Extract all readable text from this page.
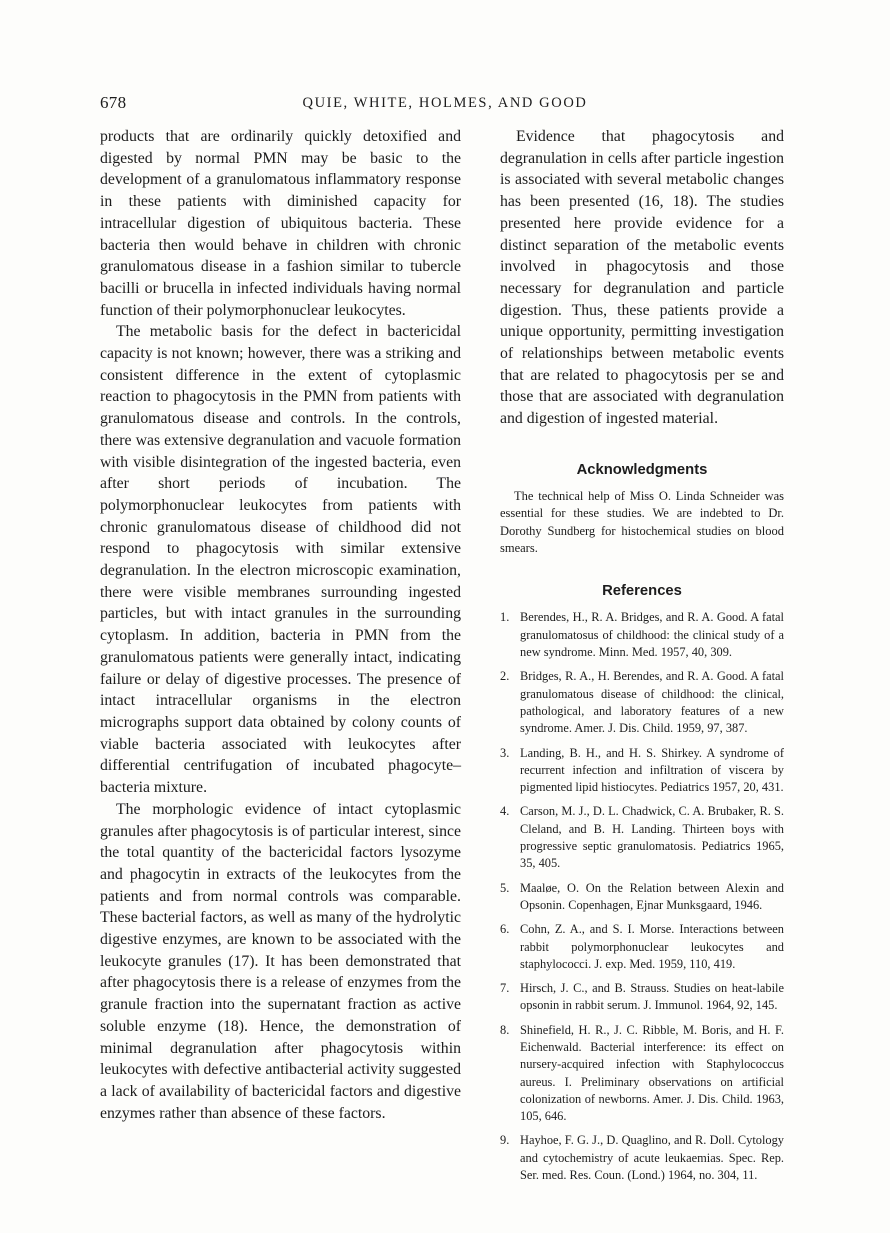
678	QUIE, WHITE, HOLMES, AND GOOD

products that are ordinarily quickly detoxified and digested by normal PMN may be basic to the development of a granulomatous inflammatory response in these patients with diminished capacity for intracellular digestion of ubiquitous bacteria. These bacteria then would behave in children with chronic granulomatous disease in a fashion similar to tubercle bacilli or brucella in infected individuals having normal function of their polymorphonuclear leukocytes.

The metabolic basis for the defect in bactericidal capacity is not known; however, there was a striking and consistent difference in the extent of cytoplasmic reaction to phagocytosis in the PMN from patients with granulomatous disease and controls. In the controls, there was extensive degranulation and vacuole formation with visible disintegration of the ingested bacteria, even after short periods of incubation. The polymorphonuclear leukocytes from patients with chronic granulomatous disease of childhood did not respond to phagocytosis with similar extensive degranulation. In the electron microscopic examination, there were visible membranes surrounding ingested particles, but with intact granules in the surrounding cytoplasm. In addition, bacteria in PMN from the granulomatous patients were generally intact, indicating failure or delay of digestive processes. The presence of intact intracellular organisms in the electron micrographs support data obtained by colony counts of viable bacteria associated with leukocytes after differential centrifugation of incubated phagocyte–bacteria mixture.

The morphologic evidence of intact cytoplasmic granules after phagocytosis is of particular interest, since the total quantity of the bactericidal factors lysozyme and phagocytin in extracts of the leukocytes from the patients and from normal controls was comparable. These bacterial factors, as well as many of the hydrolytic digestive enzymes, are known to be associated with the leukocyte granules (17). It has been demonstrated that after phagocytosis there is a release of enzymes from the granule fraction into the supernatant fraction as active soluble enzyme (18). Hence, the demonstration of minimal degranulation after phagocytosis within leukocytes with defective antibacterial activity suggested a lack of availability of bactericidal factors and digestive enzymes rather than absence of these factors.

Evidence that phagocytosis and degranulation in cells after particle ingestion is associated with several metabolic changes has been presented (16, 18). The studies presented here provide evidence for a distinct separation of the metabolic events involved in phagocytosis and those necessary for degranulation and particle digestion. Thus, these patients provide a unique opportunity, permitting investigation of relationships between metabolic events that are related to phagocytosis per se and those that are associated with degranulation and digestion of ingested material.

Acknowledgments

The technical help of Miss O. Linda Schneider was essential for these studies. We are indebted to Dr. Dorothy Sundberg for histochemical studies on blood smears.

References
1. Berendes, H., R. A. Bridges, and R. A. Good. A fatal granulomatosus of childhood: the clinical study of a new syndrome. Minn. Med. 1957, 40, 309.
2. Bridges, R. A., H. Berendes, and R. A. Good. A fatal granulomatous disease of childhood: the clinical, pathological, and laboratory features of a new syndrome. Amer. J. Dis. Child. 1959, 97, 387.
3. Landing, B. H., and H. S. Shirkey. A syndrome of recurrent infection and infiltration of viscera by pigmented lipid histiocytes. Pediatrics 1957, 20, 431.
4. Carson, M. J., D. L. Chadwick, C. A. Brubaker, R. S. Cleland, and B. H. Landing. Thirteen boys with progressive septic granulomatosis. Pediatrics 1965, 35, 405.
5. Maaløe, O. On the Relation between Alexin and Opsonin. Copenhagen, Ejnar Munksgaard, 1946.
6. Cohn, Z. A., and S. I. Morse. Interactions between rabbit polymorphonuclear leukocytes and staphylococci. J. exp. Med. 1959, 110, 419.
7. Hirsch, J. C., and B. Strauss. Studies on heat-labile opsonin in rabbit serum. J. Immunol. 1964, 92, 145.
8. Shinefield, H. R., J. C. Ribble, M. Boris, and H. F. Eichenwald. Bacterial interference: its effect on nursery-acquired infection with Staphylococcus aureus. I. Preliminary observations on artificial colonization of newborns. Amer. J. Dis. Child. 1963, 105, 646.
9. Hayhoe, F. G. J., D. Quaglino, and R. Doll. Cytology and cytochemistry of acute leukaemias. Spec. Rep. Ser. med. Res. Coun. (Lond.) 1964, no. 304, 11.
